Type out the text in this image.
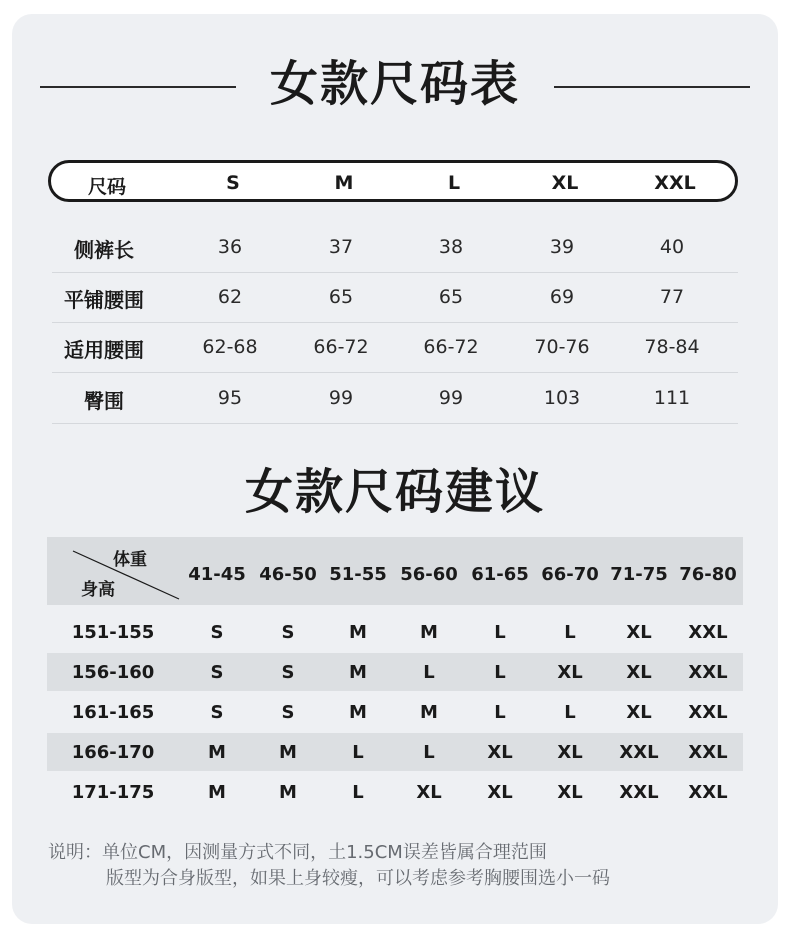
女款尺码表
尺码	S	M	L	XL	XXL
侧裤长	36	37	38	39	40
平铺腰围	62	65	65	69	77
适用腰围	62-68	66-72	66-72	70-76	78-84
臀围	95	99	99	103	111
女款尺码建议
体重
身高
41-45 46-50 51-55 56-60 61-65 66-70 71-75 76-80
151-155	S	S	M	M	L	L	XL XXL
156-160	S	S	M	L	L	XL XL XXL
161-165	S	S	M	M	L	L	XL XXL
166-170	M	M	L	L	XL XL XXL XXL
171-175	M	M	L	XL	XL XL XXL XXL
说明：单位CM，因测量方式不同，土1.5CM误差皆属合理范围
版型为合身版型，如果上身较瘦，可以考虑参考胸腰围选小一码
